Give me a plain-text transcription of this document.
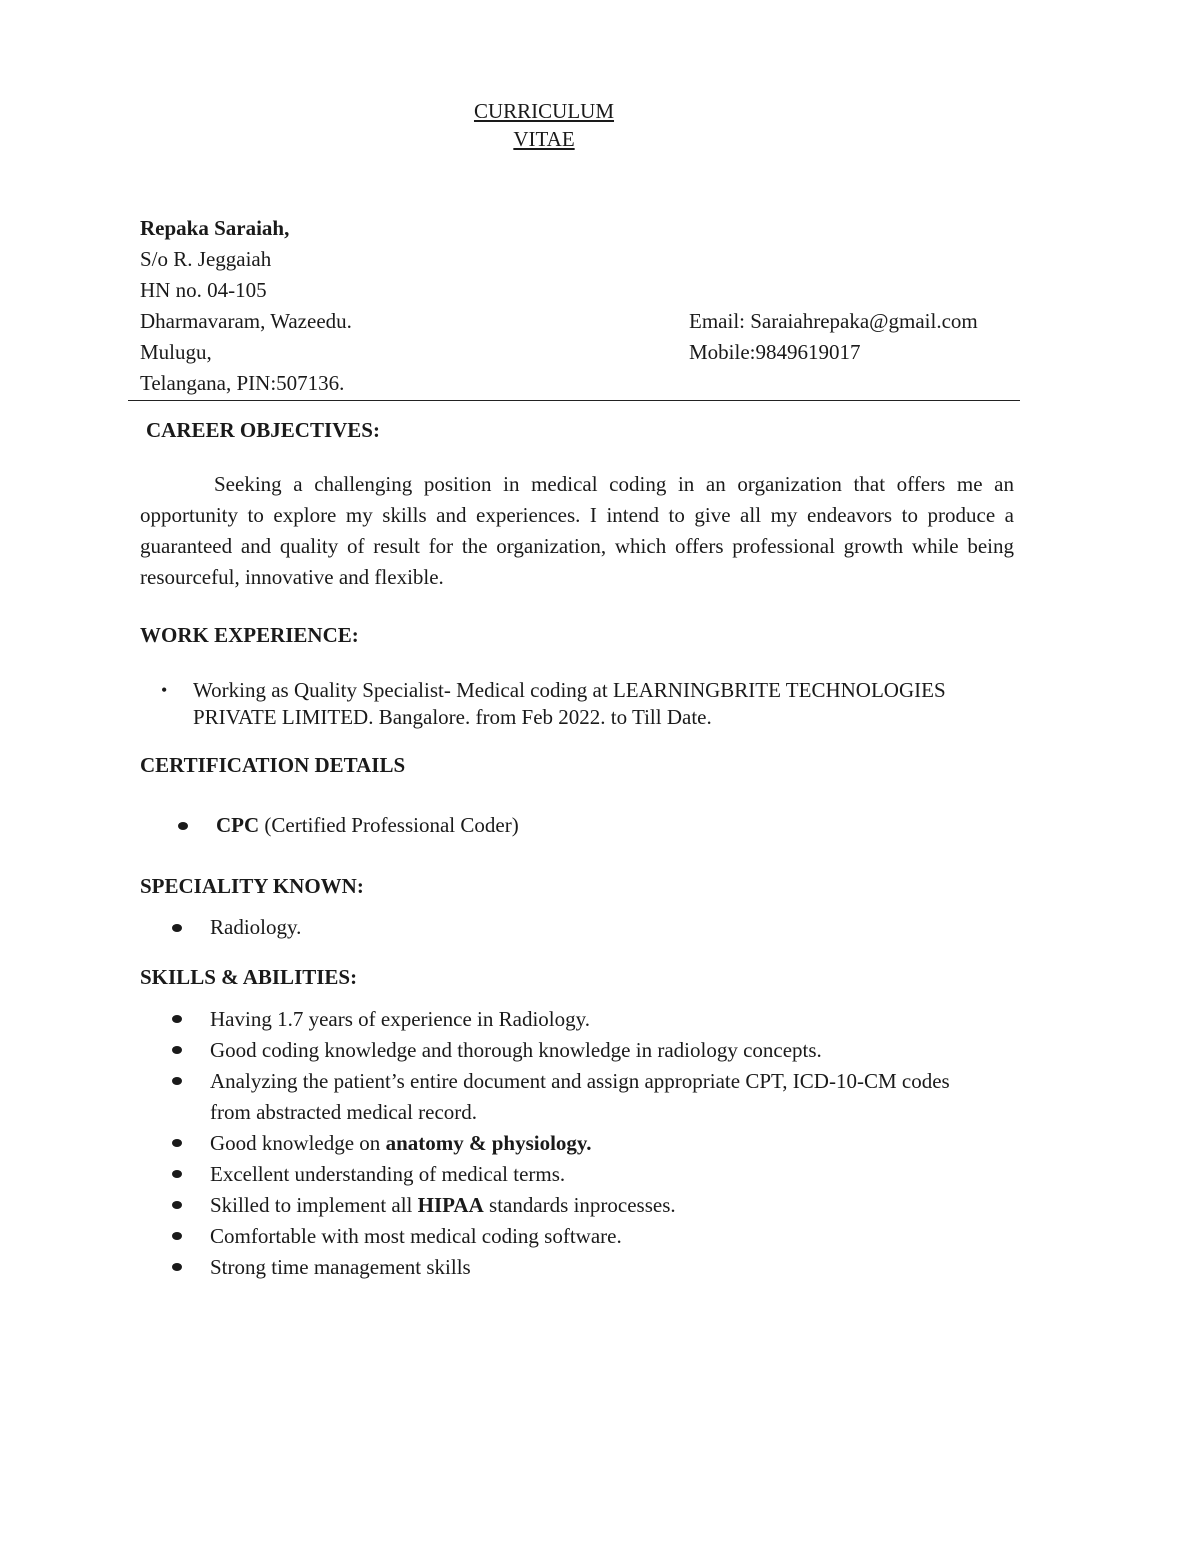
CURRICULUM
VITAE
Repaka Saraiah,
S/o R. Jeggaiah
HN no. 04-105
Dharmavaram, Wazeedu.
Mulugu,
Telangana, PIN:507136.
Email: Saraiahrepaka@gmail.com
Mobile:9849619017
CAREER OBJECTIVES:

Seeking a challenging position in medical coding in an organization that offers me an opportunity to explore my skills and experiences. I intend to give all my endeavors to produce a guaranteed and quality of result for the organization, which offers professional growth while being resourceful, innovative and flexible.

WORK EXPERIENCE:
• Working as Quality Specialist- Medical coding at LEARNINGBRITE TECHNOLOGIES
PRIVATE LIMITED. Bangalore. from Feb 2022. to Till Date.
CERTIFICATION DETAILS
CPC (Certified Professional Coder)
SPECIALITY KNOWN:
Radiology.
SKILLS & ABILITIES:
Having 1.7 years of experience in Radiology.
Good coding knowledge and thorough knowledge in radiology concepts.
Analyzing the patient’s entire document and assign appropriate CPT, ICD-10-CM codes
from abstracted medical record.
Good knowledge on anatomy & physiology.
Excellent understanding of medical terms.
Skilled to implement all HIPAA standards inprocesses.
Comfortable with most medical coding software.
Strong time management skills
